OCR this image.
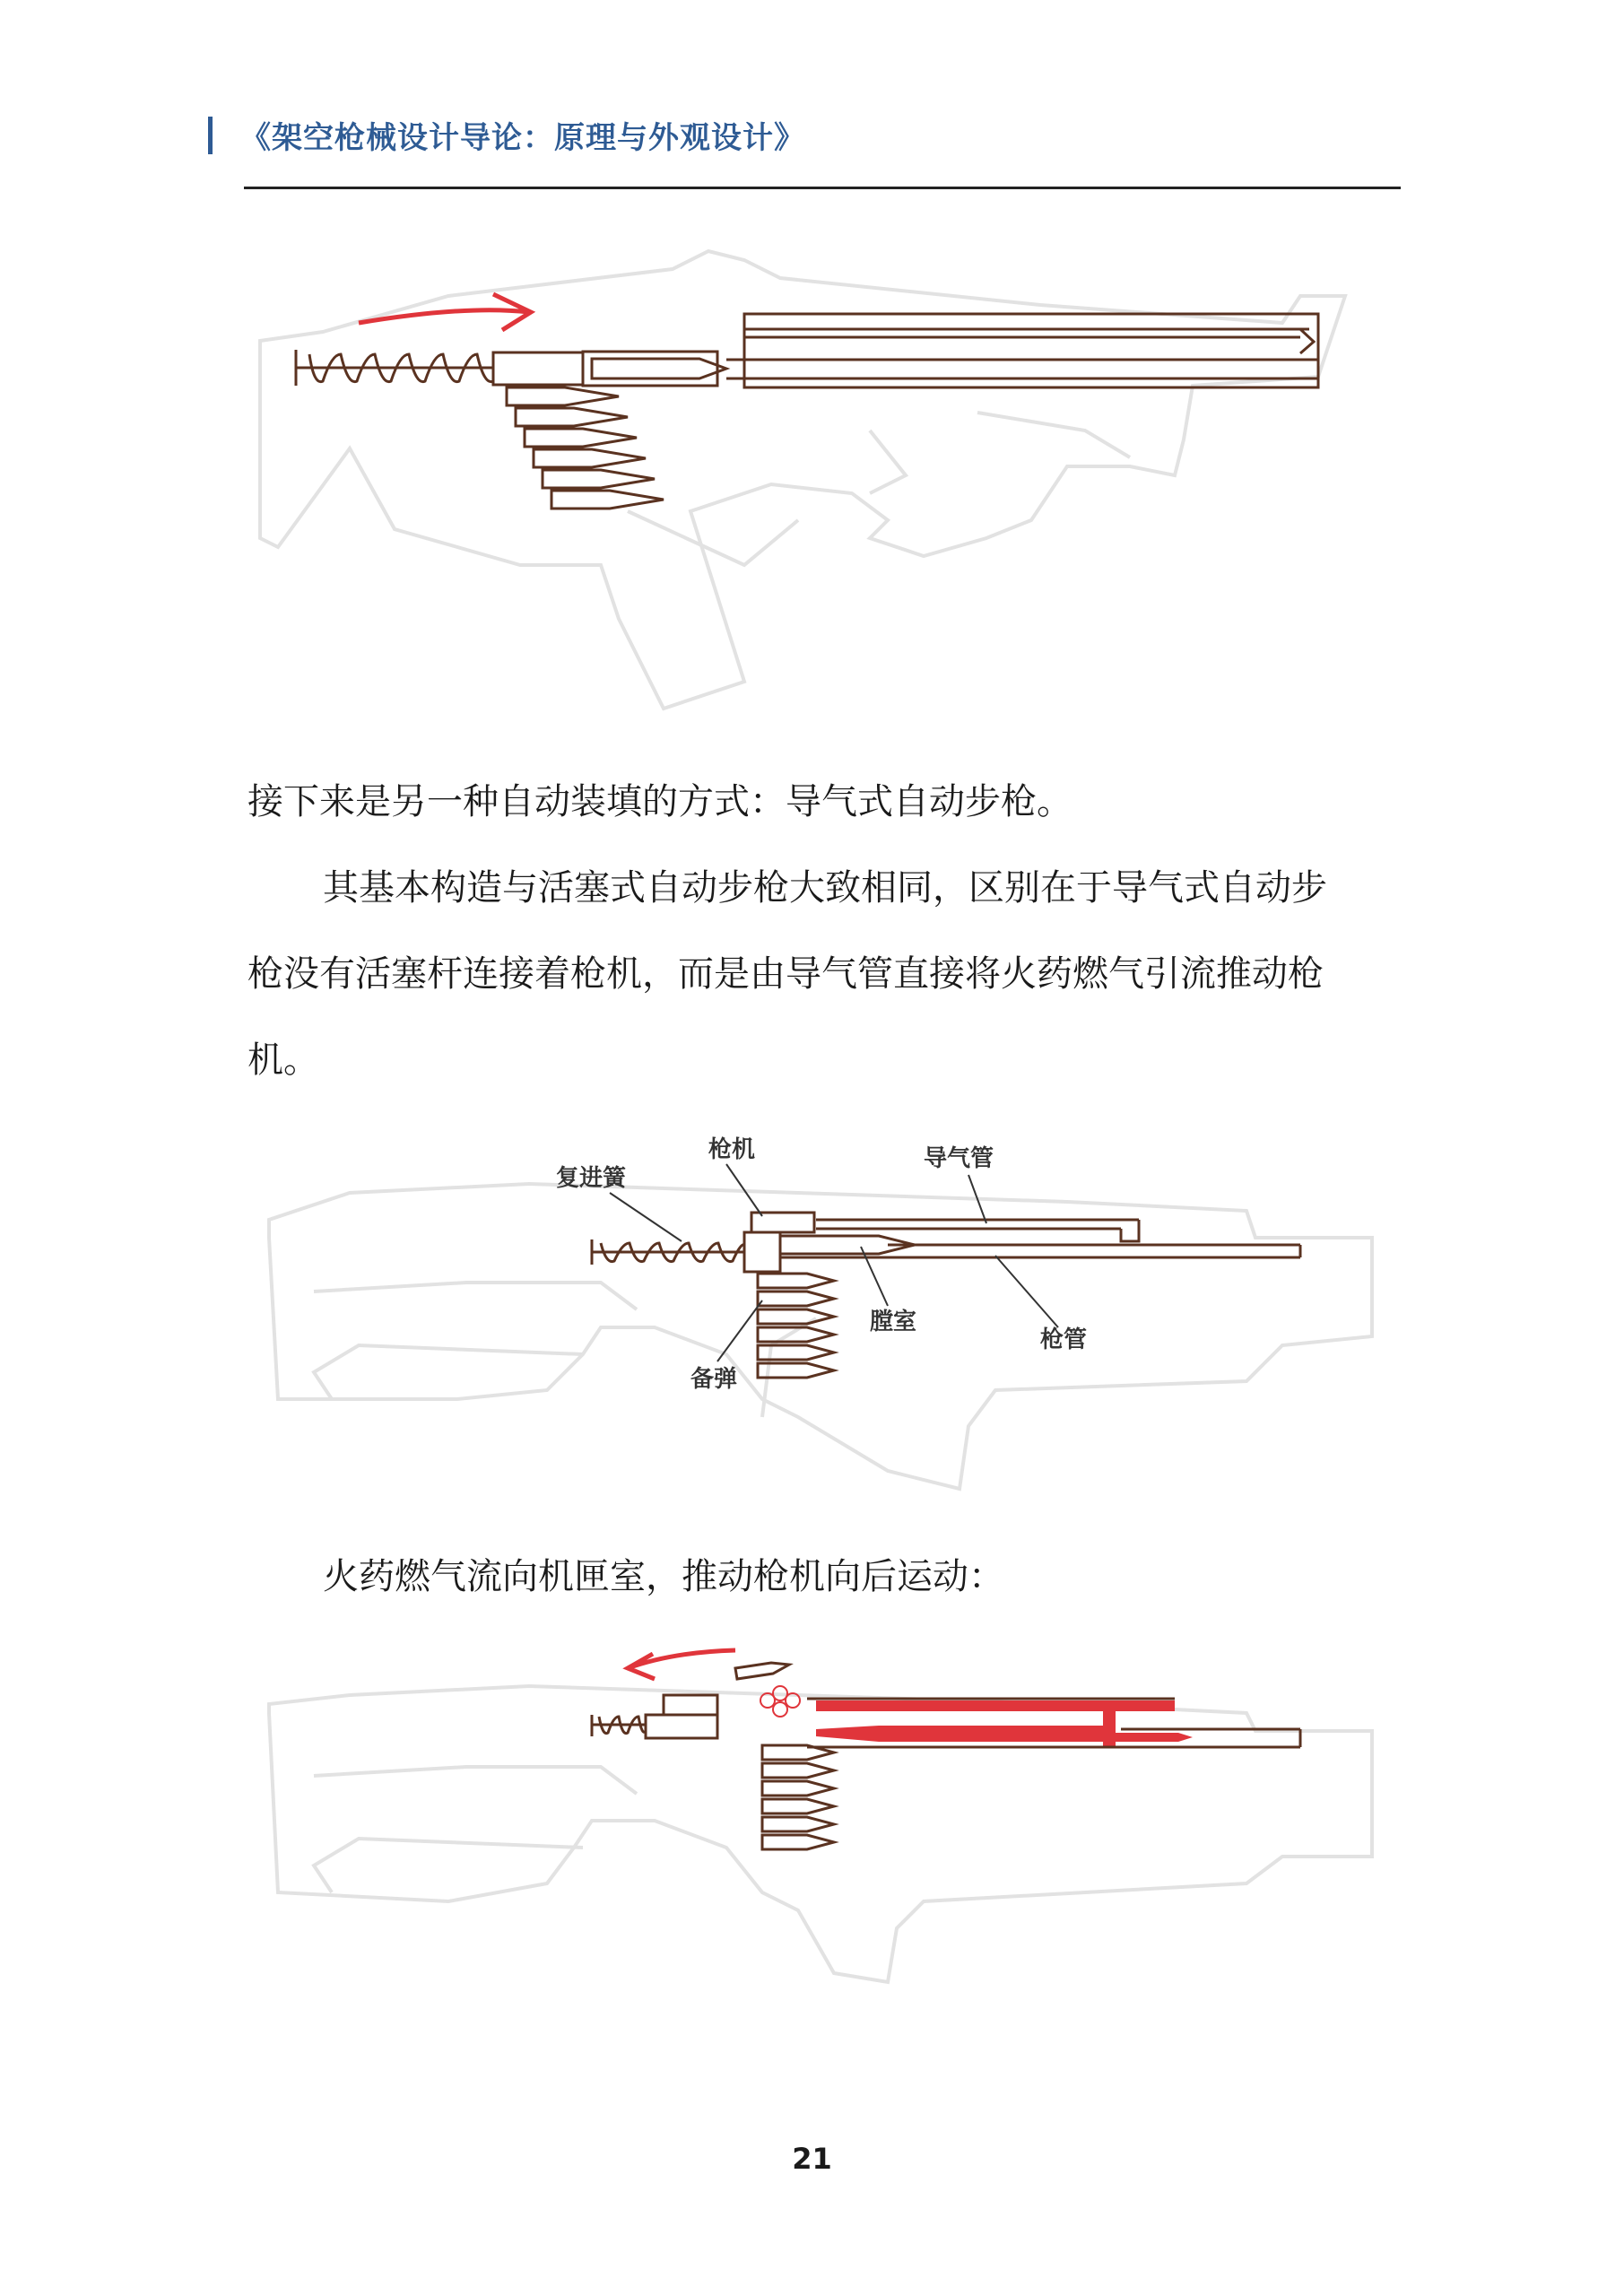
《架空枪械设计导论：原理与外观设计》
接下来是另一种自动装填的方式：导气式自动步枪。
其基本构造与活塞式自动步枪大致相同，区别在于导气式自动步
枪没有活塞杆连接着枪机，而是由导气管直接将火药燃气引流推动枪
机。
枪机	导气管
复进簧
膛室
枪管
备弹
火药燃气流向机匣室，推动枪机向后运动：
21
